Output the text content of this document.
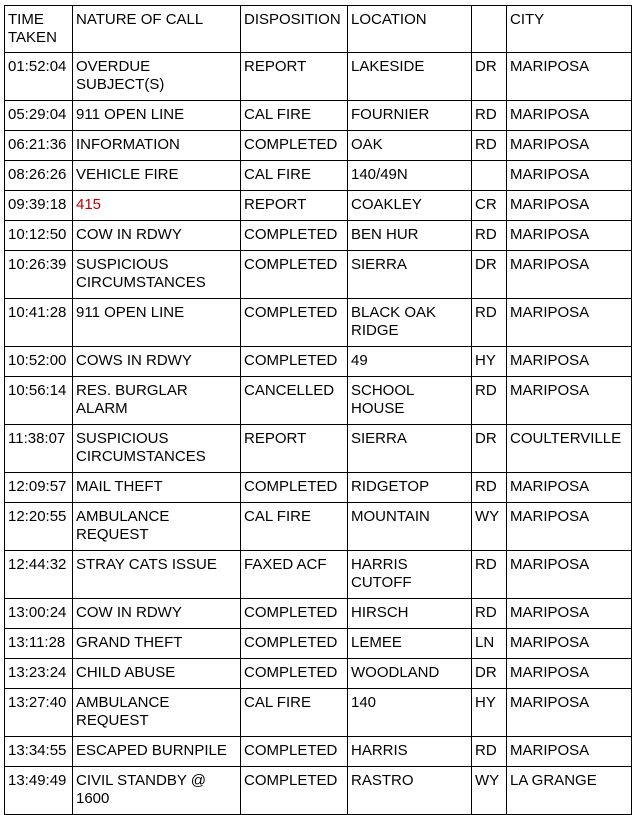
TIME TAKEN	NATURE OF CALL	DISPOSITION	LOCATION		CITY
01:52:04	OVERDUE SUBJECT(S)	REPORT	LAKESIDE	DR	MARIPOSA
05:29:04	911 OPEN LINE	CAL FIRE	FOURNIER	RD	MARIPOSA
06:21:36	INFORMATION	COMPLETED	OAK	RD	MARIPOSA
08:26:26	VEHICLE FIRE	CAL FIRE	140/49N		MARIPOSA
09:39:18	415	REPORT	COAKLEY	CR	MARIPOSA
10:12:50	COW IN RDWY	COMPLETED	BEN HUR	RD	MARIPOSA
10:26:39	SUSPICIOUS CIRCUMSTANCES	COMPLETED	SIERRA	DR	MARIPOSA
10:41:28	911 OPEN LINE	COMPLETED	BLACK OAK RIDGE	RD	MARIPOSA
10:52:00	COWS IN RDWY	COMPLETED	49	HY	MARIPOSA
10:56:14	RES. BURGLAR ALARM	CANCELLED	SCHOOL HOUSE	RD	MARIPOSA
11:38:07	SUSPICIOUS CIRCUMSTANCES	REPORT	SIERRA	DR	COULTERVILLE
12:09:57	MAIL THEFT	COMPLETED	RIDGETOP	RD	MARIPOSA
12:20:55	AMBULANCE REQUEST	CAL FIRE	MOUNTAIN	WY	MARIPOSA
12:44:32	STRAY CATS ISSUE	FAXED ACF	HARRIS CUTOFF	RD	MARIPOSA
13:00:24	COW IN RDWY	COMPLETED	HIRSCH	RD	MARIPOSA
13:11:28	GRAND THEFT	COMPLETED	LEMEE	LN	MARIPOSA
13:23:24	CHILD ABUSE	COMPLETED	WOODLAND	DR	MARIPOSA
13:27:40	AMBULANCE REQUEST	CAL FIRE	140	HY	MARIPOSA
13:34:55	ESCAPED BURNPILE	COMPLETED	HARRIS	RD	MARIPOSA
13:49:49	CIVIL STANDBY @ 1600	COMPLETED	RASTRO	WY	LA GRANGE
